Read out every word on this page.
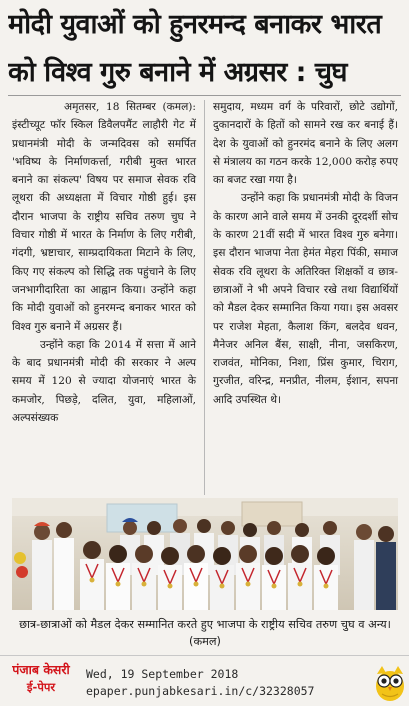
मोदी युवाओं को हुनरमन्द बनाकर भारत
को विश्व गुरु बनाने में अग्रसर : चुघ

अमृतसर, 18 सितम्बर (कमल): इंस्टीच्यूट फॉर स्किल डिवैलपमैंट लाहौरी गेट में प्रधानमंत्री मोदी के जन्मदिवस को समर्पित 'भविष्य के निर्माणकर्त्ता, गरीबी मुक्त भारत बनाने का संकल्प' विषय पर समाज सेवक रवि लूथरा की अध्यक्षता में विचार गोष्ठी हुई। इस दौरान भाजपा के राष्ट्रीय सचिव तरुण चुघ ने विचार गोष्ठी में भारत के निर्माण के लिए गरीबी, गंदगी, भ्रष्टाचार, साम्प्रदायिकता मिटाने के लिए, किए गए संकल्प को सिद्धि तक पहुंचाने के लिए जनभागीदारिता का आह्वान किया। उन्होंने कहा कि मोदी युवाओं को हुनरमन्द बनाकर भारत को विश्व गुरु बनाने में अग्रसर हैं।

उन्होंने कहा कि 2014 में सत्ता में आने के बाद प्रधानमंत्री मोदी की सरकार ने अल्प समय में 120 से ज्यादा योजनाएं भारत के कमजोर, पिछड़े, दलित, युवा, महिलाओं, अल्पसंख्यक

समुदाय, मध्यम वर्ग के परिवारों, छोटे उद्योगों, दुकानदारों के हितों को सामने रख कर बनाई हैं। देश के युवाओं को हुनरमंद बनाने के लिए अलग से मंत्रालय का गठन करके 12,000 करोड़ रुपए का बजट रखा गया है।

उन्होंने कहा कि प्रधानमंत्री मोदी के विजन के कारण आने वाले समय में उनकी दूरदर्शी सोच के कारण 21वीं सदी में भारत विश्व गुरु बनेगा। इस दौरान भाजपा नेता हेमंत मेहरा पिंकी, समाज सेवक रवि लूथरा के अतिरिक्त शिक्षकों व छात्र-छात्राओं ने भी अपने विचार रखे तथा विद्यार्थियों को मैडल देकर सम्मानित किया गया। इस अवसर पर राजेश मेहता, कैलाश किंग, बलदेव धवन, मैनेजर अनिल बैंस, साक्षी, नीना, जसकिरण, राजवंत, मोनिका, निशा, प्रिंस कुमार, चिराग, गुरजीत, वरिन्द्र, मनप्रीत, नीलम, ईशान, सपना आदि उपस्थित थे।

छात्र-छात्राओं को मैडल देकर सम्मानित करते हुए भाजपा के राष्ट्रीय सचिव तरुण चुघ व अन्य। (कमल)
पंजाब केसरी
ई-पेपर
Wed, 19 September 2018
epaper.punjabkesari.in/c/32328057
